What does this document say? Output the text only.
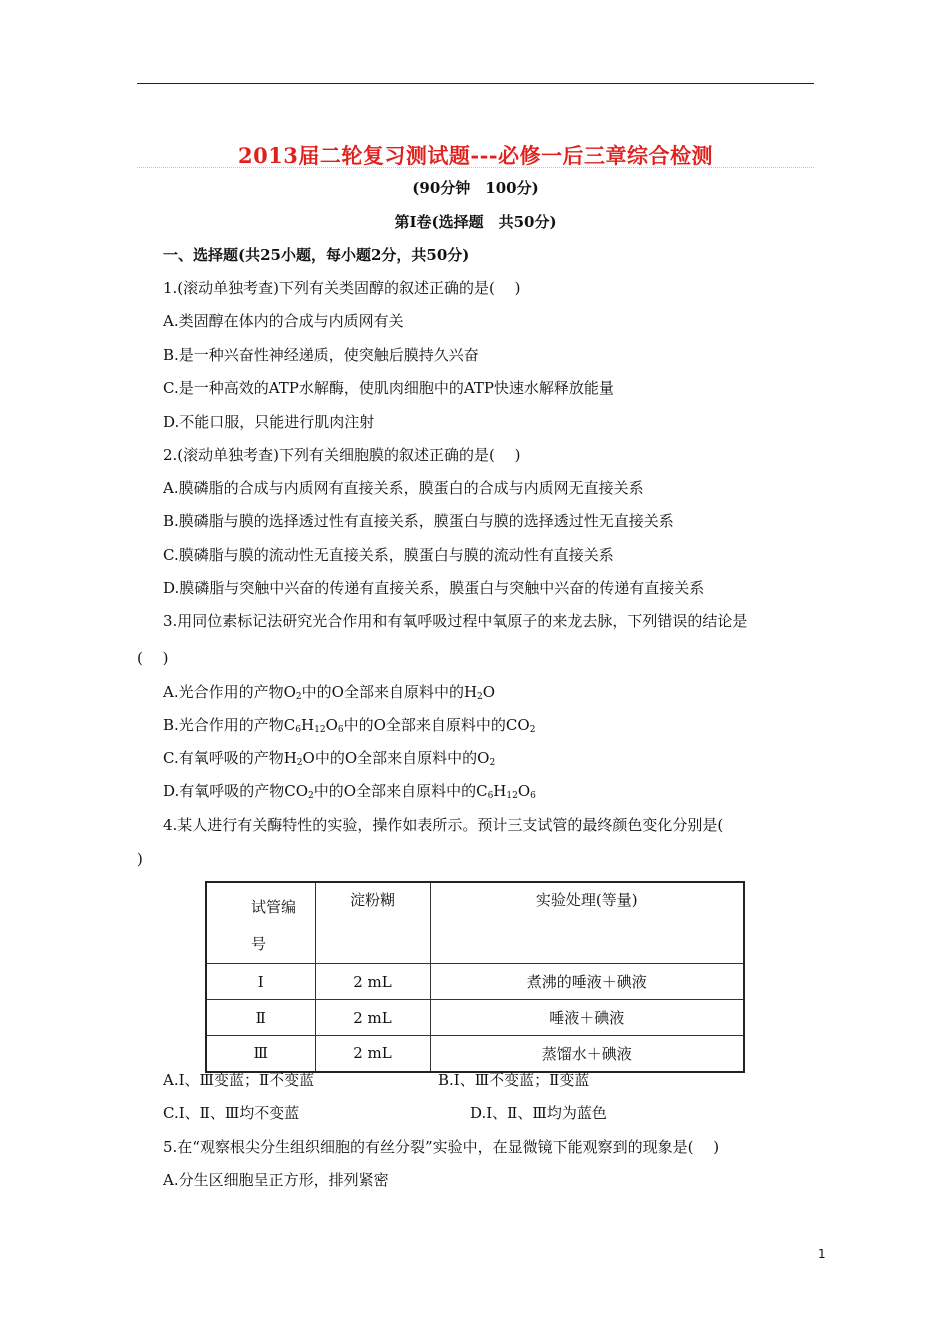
2013届二轮复习测试题---必修一后三章综合检测
(90分钟　100分)
第Ⅰ卷(选择题　共50分)
一、选择题(共25小题，每小题2分，共50分)
1.(滚动单独考查)下列有关类固醇的叙述正确的是(　 )
A.类固醇在体内的合成与内质网有关
B.是一种兴奋性神经递质，使突触后膜持久兴奋
C.是一种高效的ATP水解酶，使肌肉细胞中的ATP快速水解释放能量
D.不能口服，只能进行肌肉注射
2.(滚动单独考查)下列有关细胞膜的叙述正确的是(　 )
A.膜磷脂的合成与内质网有直接关系，膜蛋白的合成与内质网无直接关系
B.膜磷脂与膜的选择透过性有直接关系，膜蛋白与膜的选择透过性无直接关系
C.膜磷脂与膜的流动性无直接关系，膜蛋白与膜的流动性有直接关系
D.膜磷脂与突触中兴奋的传递有直接关系，膜蛋白与突触中兴奋的传递有直接关系
3.用同位素标记法研究光合作用和有氧呼吸过程中氧原子的来龙去脉，下列错误的结论是
(　 )
A.光合作用的产物$O_2$中的O全部来自原料中的$H_2O$
B.光合作用的产物$C_6H_{12}O_6$中的O全部来自原料中的$CO_2$
C.有氧呼吸的产物$H_2O$中的O全部来自原料中的$O_2$
D.有氧呼吸的产物$CO_2$中的O全部来自原料中的$C_6H_{12}O_6$
4.某人进行有关酶特性的实验，操作如表所示。预计三支试管的最终颜色变化分别是(
)
试管编
号	淀粉糊	实验处理(等量)
Ⅰ	2 mL	煮沸的唾液＋碘液
Ⅱ	2 mL	唾液＋碘液
Ⅲ	2 mL	蒸馏水＋碘液
A.Ⅰ、Ⅲ变蓝；Ⅱ不变蓝	B.Ⅰ、Ⅲ不变蓝；Ⅱ变蓝
C.Ⅰ、Ⅱ、Ⅲ均不变蓝	D.Ⅰ、Ⅱ、Ⅲ均为蓝色
5.在“观察根尖分生组织细胞的有丝分裂”实验中，在显微镜下能观察到的现象是(　 )
A.分生区细胞呈正方形，排列紧密
1
